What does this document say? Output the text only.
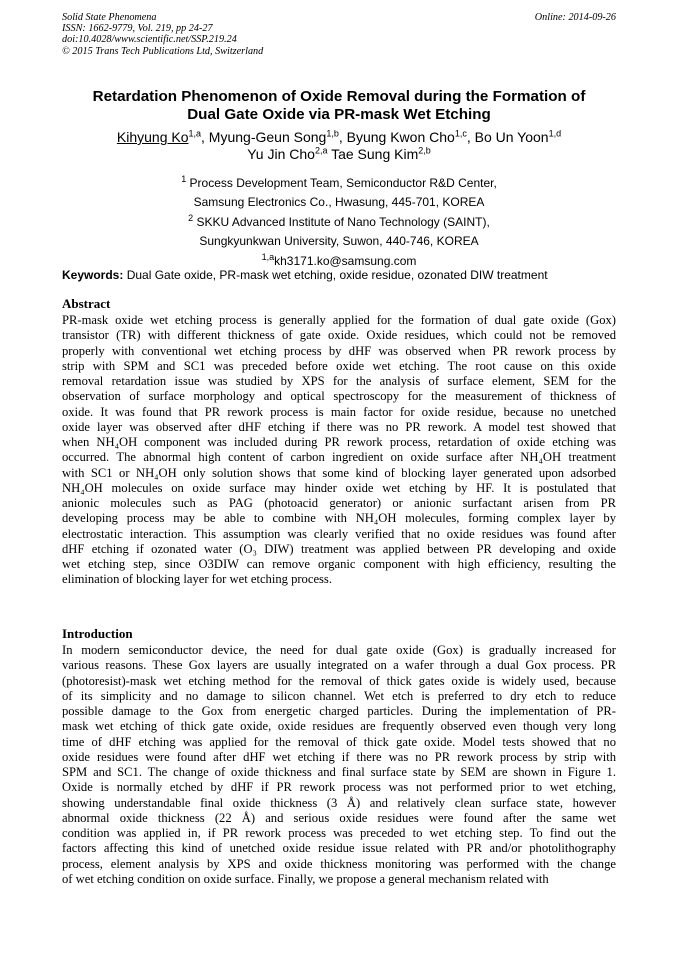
Solid State Phenomena
ISSN: 1662-9779, Vol. 219, pp 24-27
doi:10.4028/www.scientific.net/SSP.219.24
© 2015 Trans Tech Publications Ltd, Switzerland
Online: 2014-09-26
Retardation Phenomenon of Oxide Removal during the Formation of
Dual Gate Oxide via PR-mask Wet Etching
Kihyung Ko$^{1,a}$, Myung-Geun Song$^{1,b}$, Byung Kwon Cho$^{1,c}$, Bo Un Yoon$^{1,d}$
Yu Jin Cho$^{2,a}$ Tae Sung Kim$^{2,b}$
$^1$ Process Development Team, Semiconductor R&D Center,
Samsung Electronics Co., Hwasung, 445-701, KOREA
$^2$ SKKU Advanced Institute of Nano Technology (SAINT),
Sungkyunkwan University, Suwon, 440-746, KOREA
$^{1,a}$kh3171.ko@samsung.com
Keywords: Dual Gate oxide, PR-mask wet etching, oxide residue, ozonated DIW treatment
Abstract
PR-mask oxide wet etching process is generally applied for the formation of dual gate oxide (Gox)
transistor (TR) with different thickness of gate oxide. Oxide residues, which could not be removed
properly with conventional wet etching process by dHF was observed when PR rework process by
strip with SPM and SC1 was preceded before oxide wet etching. The root cause on this oxide
removal retardation issue was studied by XPS for the analysis of surface element, SEM for the
observation of surface morphology and optical spectroscopy for the measurement of thickness of
oxide. It was found that PR rework process is main factor for oxide residue, because no unetched
oxide layer was observed after dHF etching if there was no PR rework. A model test showed that
when NH₄OH component was included during PR rework process, retardation of oxide etching was
occurred. The abnormal high content of carbon ingredient on oxide surface after NH₄OH treatment
with SC1 or NH₄OH only solution shows that some kind of blocking layer generated upon adsorbed
NH₄OH molecules on oxide surface may hinder oxide wet etching by HF. It is postulated that
anionic molecules such as PAG (photoacid generator) or anionic surfactant arisen from PR
developing process may be able to combine with NH₄OH molecules, forming complex layer by
electrostatic interaction. This assumption was clearly verified that no oxide residues was found after
dHF etching if ozonated water (O₃ DIW) treatment was applied between PR developing and oxide
wet etching step, since O3DIW can remove organic component with high efficiency, resulting the
elimination of blocking layer for wet etching process.
Introduction
In modern semiconductor device, the need for dual gate oxide (Gox) is gradually increased for
various reasons. These Gox layers are usually integrated on a wafer through a dual Gox process. PR
(photoresist)-mask wet etching method for the removal of thick gates oxide is widely used, because
of its simplicity and no damage to silicon channel. Wet etch is preferred to dry etch to reduce
possible damage to the Gox from energetic charged particles. During the implementation of PR-
mask wet etching of thick gate oxide, oxide residues are frequently observed even though very long
time of dHF etching was applied for the removal of thick gate oxide. Model tests showed that no
oxide residues were found after dHF wet etching if there was no PR rework process by strip with
SPM and SC1. The change of oxide thickness and final surface state by SEM are shown in Figure 1.
Oxide is normally etched by dHF if PR rework process was not performed prior to wet etching,
showing understandable final oxide thickness (3 Å) and relatively clean surface state, however
abnormal oxide thickness (22 Å) and serious oxide residues were found after the same wet
condition was applied in, if PR rework process was preceded to wet etching step. To find out the
factors affecting this kind of unetched oxide residue issue related with PR and/or photolithography
process, element analysis by XPS and oxide thickness monitoring was performed with the change
of wet etching condition on oxide surface. Finally, we propose a general mechanism related with
